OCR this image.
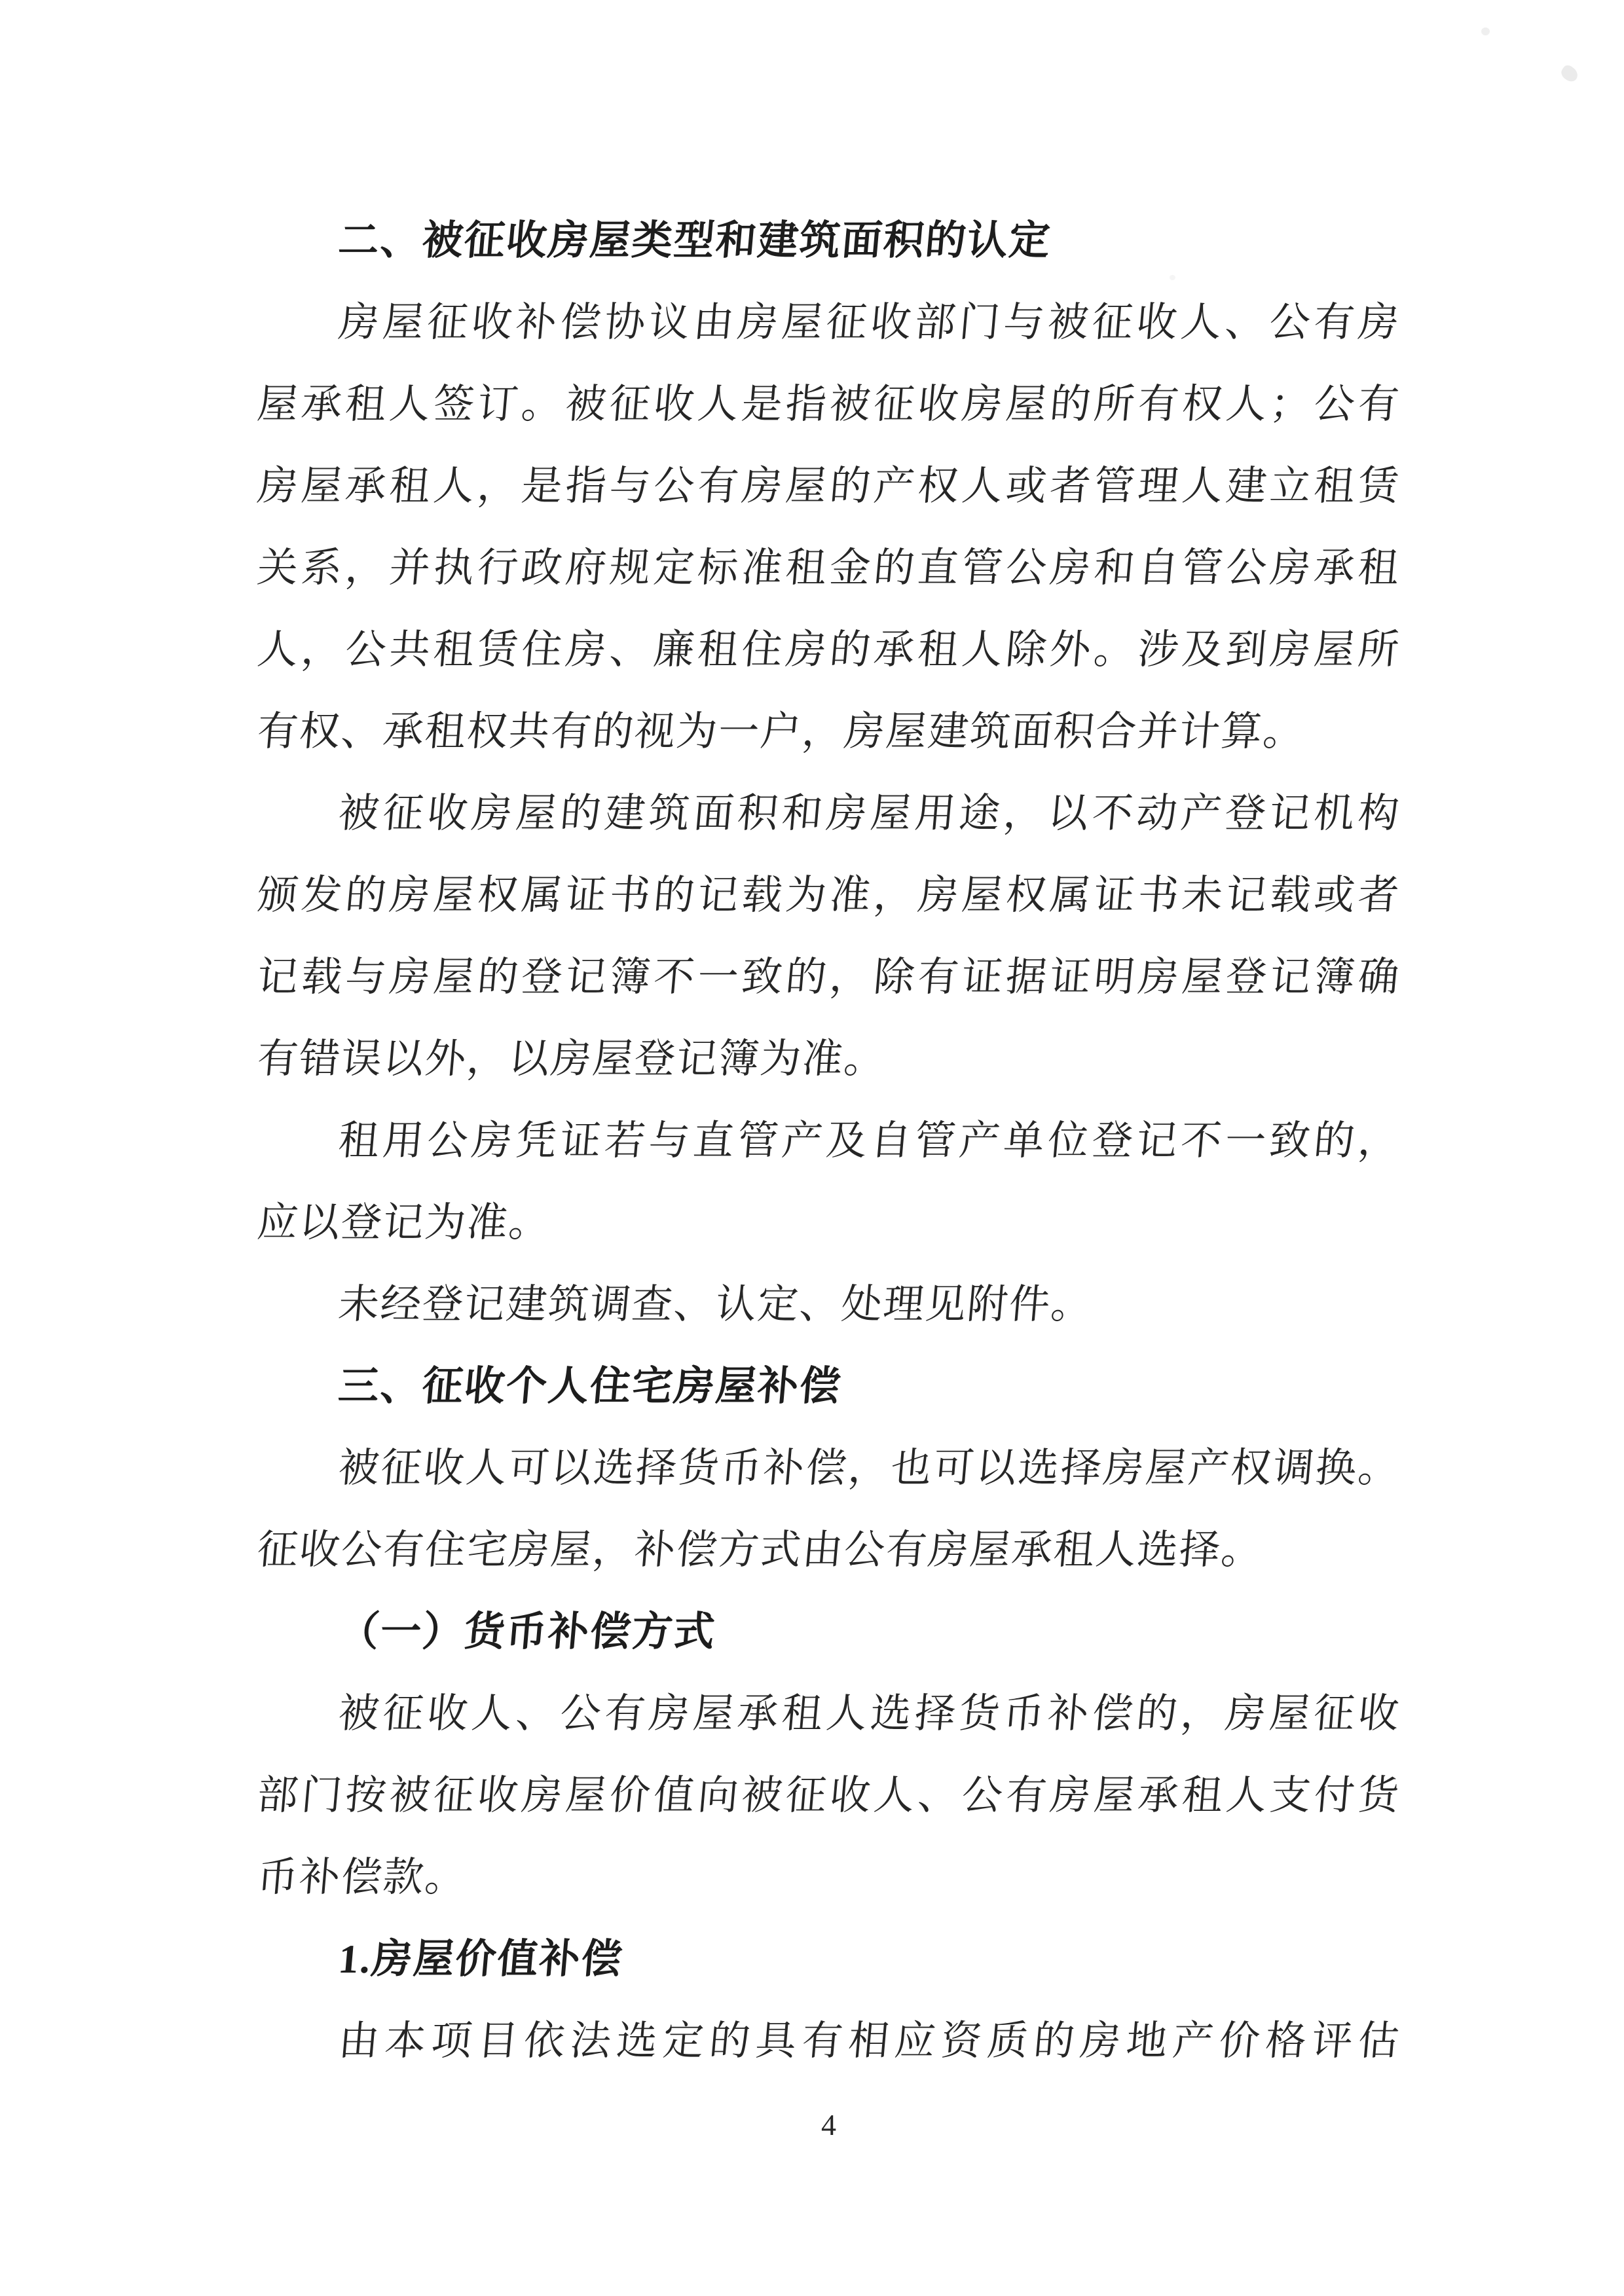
二、被征收房屋类型和建筑面积的认定
房屋征收补偿协议由房屋征收部门与被征收人、公有房
屋承租人签订。被征收人是指被征收房屋的所有权人；公有
房屋承租人，是指与公有房屋的产权人或者管理人建立租赁
关系，并执行政府规定标准租金的直管公房和自管公房承租
人，公共租赁住房、廉租住房的承租人除外。涉及到房屋所
有权、承租权共有的视为一户，房屋建筑面积合并计算。
被征收房屋的建筑面积和房屋用途，以不动产登记机构
颁发的房屋权属证书的记载为准，房屋权属证书未记载或者
记载与房屋的登记簿不一致的，除有证据证明房屋登记簿确
有错误以外，以房屋登记簿为准。
租用公房凭证若与直管产及自管产单位登记不一致的，
应以登记为准。
未经登记建筑调查、认定、处理见附件。
三、征收个人住宅房屋补偿
被征收人可以选择货币补偿，也可以选择房屋产权调换。
征收公有住宅房屋，补偿方式由公有房屋承租人选择。
（一）货币补偿方式
被征收人、公有房屋承租人选择货币补偿的，房屋征收
部门按被征收房屋价值向被征收人、公有房屋承租人支付货
币补偿款。
1.房屋价值补偿
由本项目依法选定的具有相应资质的房地产价格评估
4
